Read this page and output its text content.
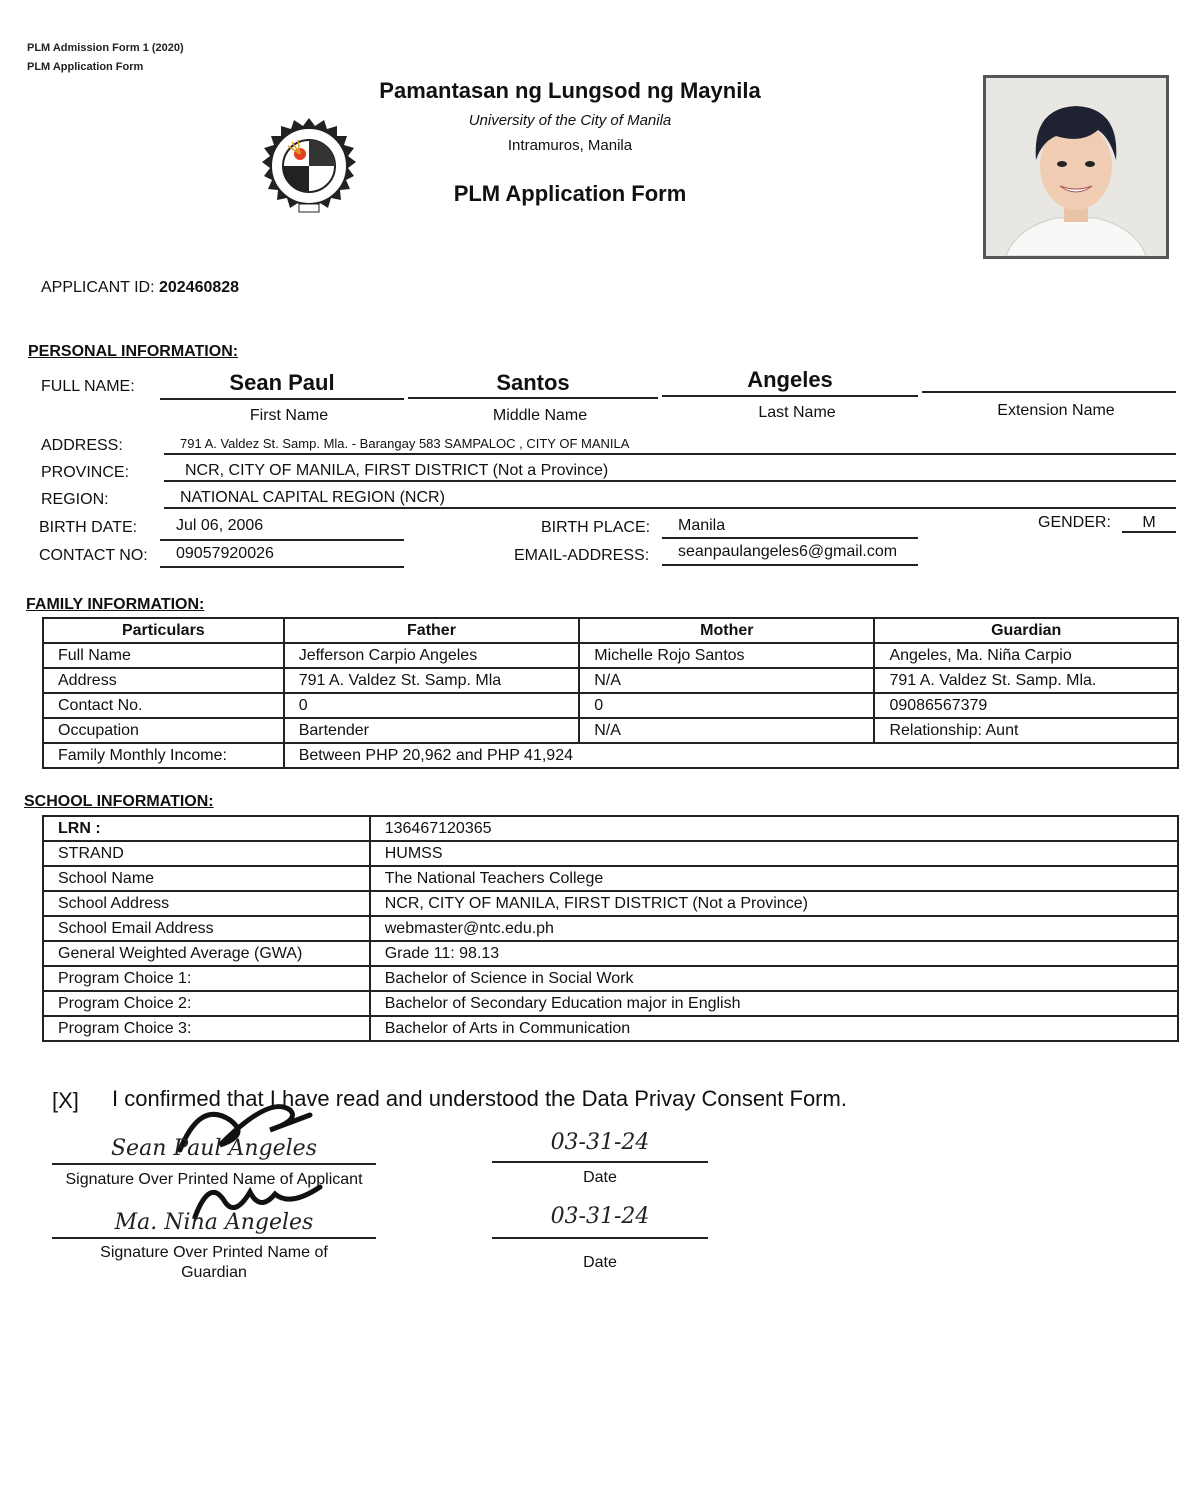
PLM Admission Form 1 (2020)
PLM Application Form
Pamantasan ng Lungsod ng Maynila
University of the City of Manila
Intramuros, Manila
PLM Application Form
APPLICANT ID: 202460828
PERSONAL INFORMATION:
FULL NAME:	Sean Paul	Santos	Angeles
First Name	Middle Name	Last Name	Extension Name
ADDRESS:	791 A. Valdez St. Samp. Mla. - Barangay 583 SAMPALOC , CITY OF MANILA
PROVINCE:	NCR, CITY OF MANILA, FIRST DISTRICT (Not a Province)
REGION:	NATIONAL CAPITAL REGION (NCR)
BIRTH DATE: Jul 06, 2006	BIRTH PLACE: Manila	GENDER:	M
CONTACT NO: 09057920026	EMAIL-ADDRESS: seanpaulangeles6@gmail.com
FAMILY INFORMATION:
Particulars	Father	Mother	Guardian
Full Name	Jefferson Carpio Angeles	Michelle Rojo Santos	Angeles, Ma. Niña Carpio
Address	791 A. Valdez St. Samp. Mla	N/A	791 A. Valdez St. Samp. Mla.
Contact No.	0	0	09086567379
Occupation	Bartender	N/A	Relationship: Aunt
Family Monthly Income:	Between PHP 20,962 and PHP 41,924		
SCHOOL INFORMATION:
LRN :	136467120365
STRAND	HUMSS
School Name	The National Teachers College
School Address	NCR, CITY OF MANILA, FIRST DISTRICT (Not a Province)
School Email Address	webmaster@ntc.edu.ph
General Weighted Average (GWA)	Grade 11: 98.13
Program Choice 1:	Bachelor of Science in Social Work
Program Choice 2:	Bachelor of Secondary Education major in English
Program Choice 3:	Bachelor of Arts in Communication
[X] I confirmed that I have read and understood the Data Privay Consent Form.
Sean Paul Angeles
Signature Over Printed Name of Applicant
03-31-24
Date
Ma. Nina Angeles
Signature Over Printed Name of
Guardian
03-31-24
Date
